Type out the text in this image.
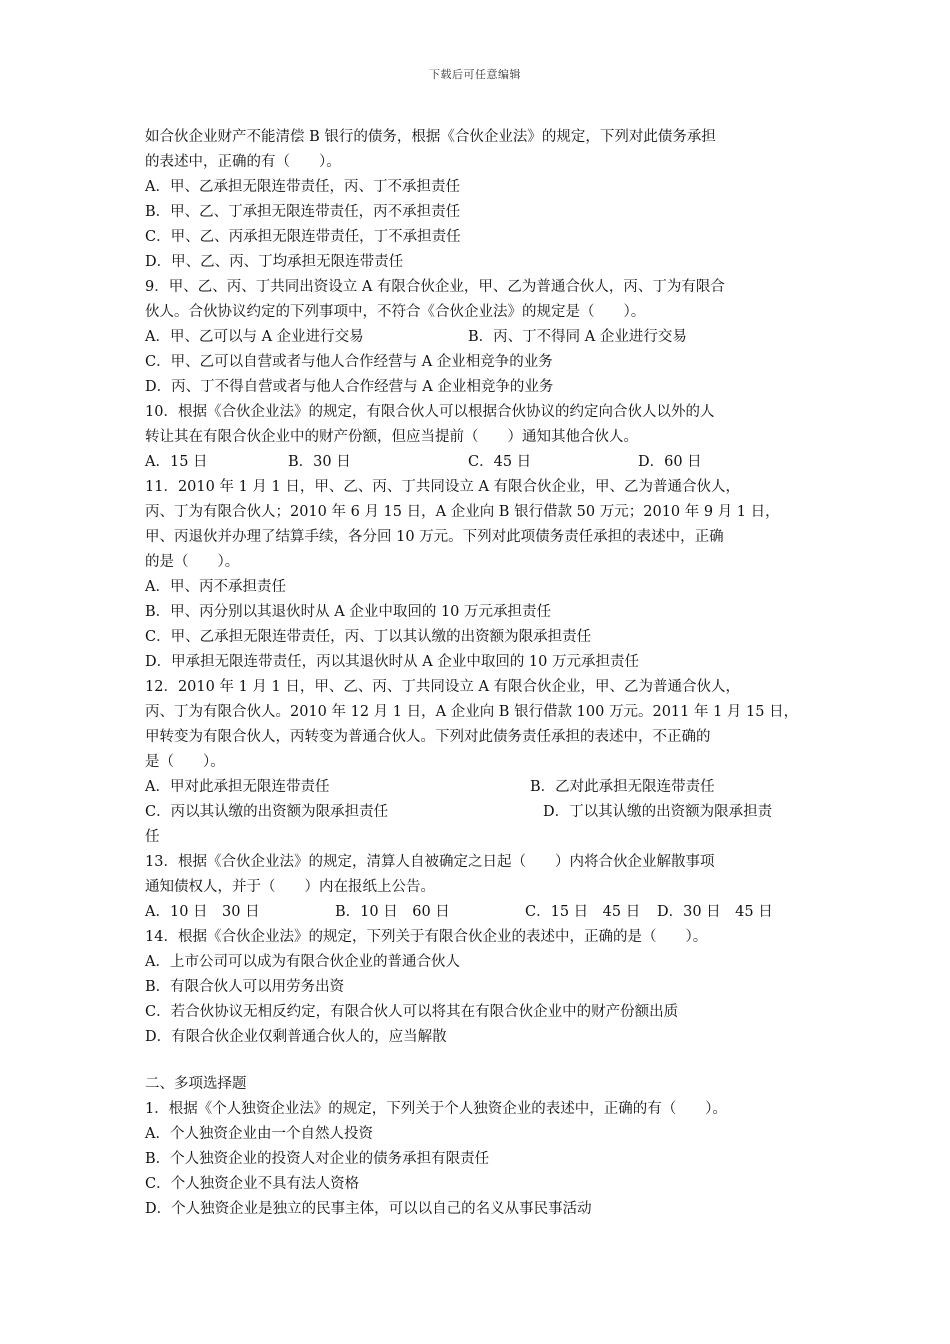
下载后可任意编辑
如合伙企业财产不能清偿 B 银行的债务，根据《合伙企业法》的规定，下列对此债务承担
的表述中，正确的有（　　）。
A．甲、乙承担无限连带责任，丙、丁不承担责任
B．甲、乙、丁承担无限连带责任，丙不承担责任
C．甲、乙、丙承担无限连带责任，丁不承担责任
D．甲、乙、丙、丁均承担无限连带责任
9．甲、乙、丙、丁共同出资设立 A 有限合伙企业，甲、乙为普通合伙人，丙、丁为有限合
伙人。合伙协议约定的下列事项中，不符合《合伙企业法》的规定是（　　）。
A．甲、乙可以与 A 企业进行交易	B．丙、丁不得同 A 企业进行交易
C．甲、乙可以自营或者与他人合作经营与 A 企业相竞争的业务
D．丙、丁不得自营或者与他人合作经营与 A 企业相竞争的业务
10．根据《合伙企业法》的规定，有限合伙人可以根据合伙协议的约定向合伙人以外的人
转让其在有限合伙企业中的财产份额，但应当提前（　　）通知其他合伙人。
A．15 日	B．30 日	C．45 日	D．60 日
11．2010 年 1 月 1 日，甲、乙、丙、丁共同设立 A 有限合伙企业，甲、乙为普通合伙人，
丙、丁为有限合伙人；2010 年 6 月 15 日，A 企业向 B 银行借款 50 万元；2010 年 9 月 1 日，
甲、丙退伙并办理了结算手续，各分回 10 万元。下列对此项债务责任承担的表述中，正确
的是（　　）。
A．甲、丙不承担责任
B．甲、丙分别以其退伙时从 A 企业中取回的 10 万元承担责任
C．甲、乙承担无限连带责任，丙、丁以其认缴的出资额为限承担责任
D．甲承担无限连带责任，丙以其退伙时从 A 企业中取回的 10 万元承担责任
12．2010 年 1 月 1 日，甲、乙、丙、丁共同设立 A 有限合伙企业，甲、乙为普通合伙人，
丙、丁为有限合伙人。2010 年 12 月 1 日，A 企业向 B 银行借款 100 万元。2011 年 1 月 15 日，
甲转变为有限合伙人，丙转变为普通合伙人。下列对此债务责任承担的表述中，不正确的
是（　　）。
A．甲对此承担无限连带责任	B．乙对此承担无限连带责任
C．丙以其认缴的出资额为限承担责任	D．丁以其认缴的出资额为限承担责
任
13．根据《合伙企业法》的规定，清算人自被确定之日起（　　）内将合伙企业解散事项
通知债权人，并于（　　）内在报纸上公告。
A．10 日　30 日	B．10 日　60 日	C．15 日　45 日	D．30 日　45 日
14．根据《合伙企业法》的规定，下列关于有限合伙企业的表述中，正确的是（　　）。
A．上市公司可以成为有限合伙企业的普通合伙人
B．有限合伙人可以用劳务出资
C．若合伙协议无相反约定，有限合伙人可以将其在有限合伙企业中的财产份额出质
D．有限合伙企业仅剩普通合伙人的，应当解散
二、多项选择题
1．根据《个人独资企业法》的规定，下列关于个人独资企业的表述中，正确的有（　　）。
A．个人独资企业由一个自然人投资
B．个人独资企业的投资人对企业的债务承担有限责任
C．个人独资企业不具有法人资格
D．个人独资企业是独立的民事主体，可以以自己的名义从事民事活动
